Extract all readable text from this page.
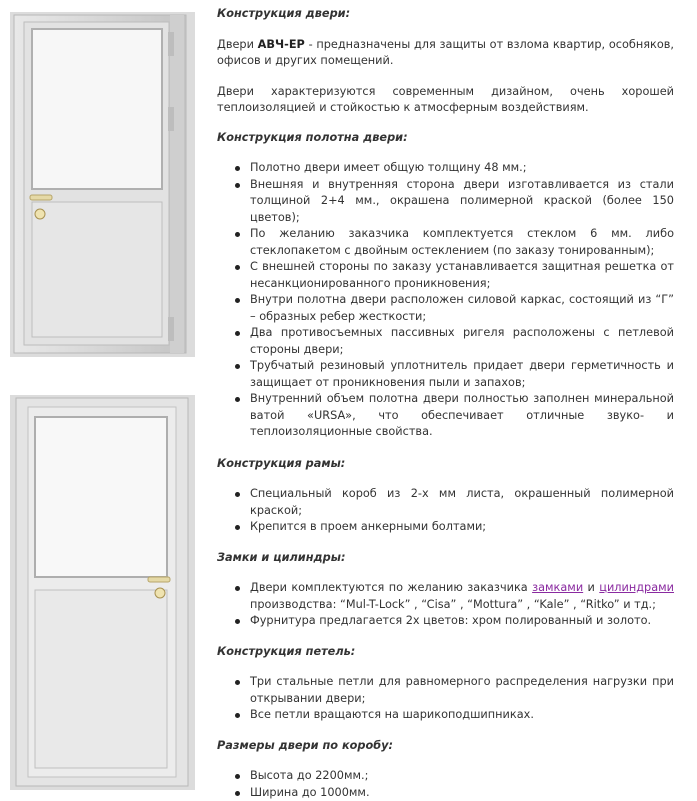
Конструкция двери:

Двери АВЧ-ЕР - предназначены для защиты от взлома квартир, особняков, офисов и других помещений.

Двери характеризуются современным дизайном, очень хорошей теплоизоляцией и стойкостью к атмосферным воздействиям.

Конструкция полотна двери:

Полотно двери имеет общую толщину 48 мм.;
Внешняя и внутренняя сторона двери изготавливается из стали толщиной 2+4 мм., окрашена полимерной краской (более 150 цветов);
По желанию заказчика комплектуется стеклом 6 мм. либо стеклопакетом с двойным остеклением (по заказу тонированным);
С внешней стороны по заказу устанавливается защитная решетка от несанкционированного проникновения;
Внутри полотна двери расположен силовой каркас, состоящий из “Г” – образных ребер жесткости;
Два противосъемных пассивных ригеля расположены с петлевой стороны двери;
Трубчатый резиновый уплотнитель придает двери герметичность и защищает от проникновения пыли и запахов;
Внутренний объем полотна двери полностью заполнен минеральной ватой «URSA», что обеспечивает отличные звуко- и теплоизоляционные свойства.

Конструкция рамы:

Специальный короб из 2-х мм листа, окрашенный полимерной краской;
Крепится в проем анкерными болтами;

Замки и цилиндры:

Двери комплектуются по желанию заказчика замками и цилиндрами производства: “Mul-T-Lock” , “Cisa” , “Mottura” , “Kale” , “Ritko” и тд.;
Фурнитура предлагается 2х цветов: хром полированный и золото.

Конструкция петель:

Три стальные петли для равномерного распределения нагрузки при открывании двери;
Все петли вращаются на шарикоподшипниках.

Размеры двери по коробу:

Высота до 2200мм.;
Ширина до 1000мм.
